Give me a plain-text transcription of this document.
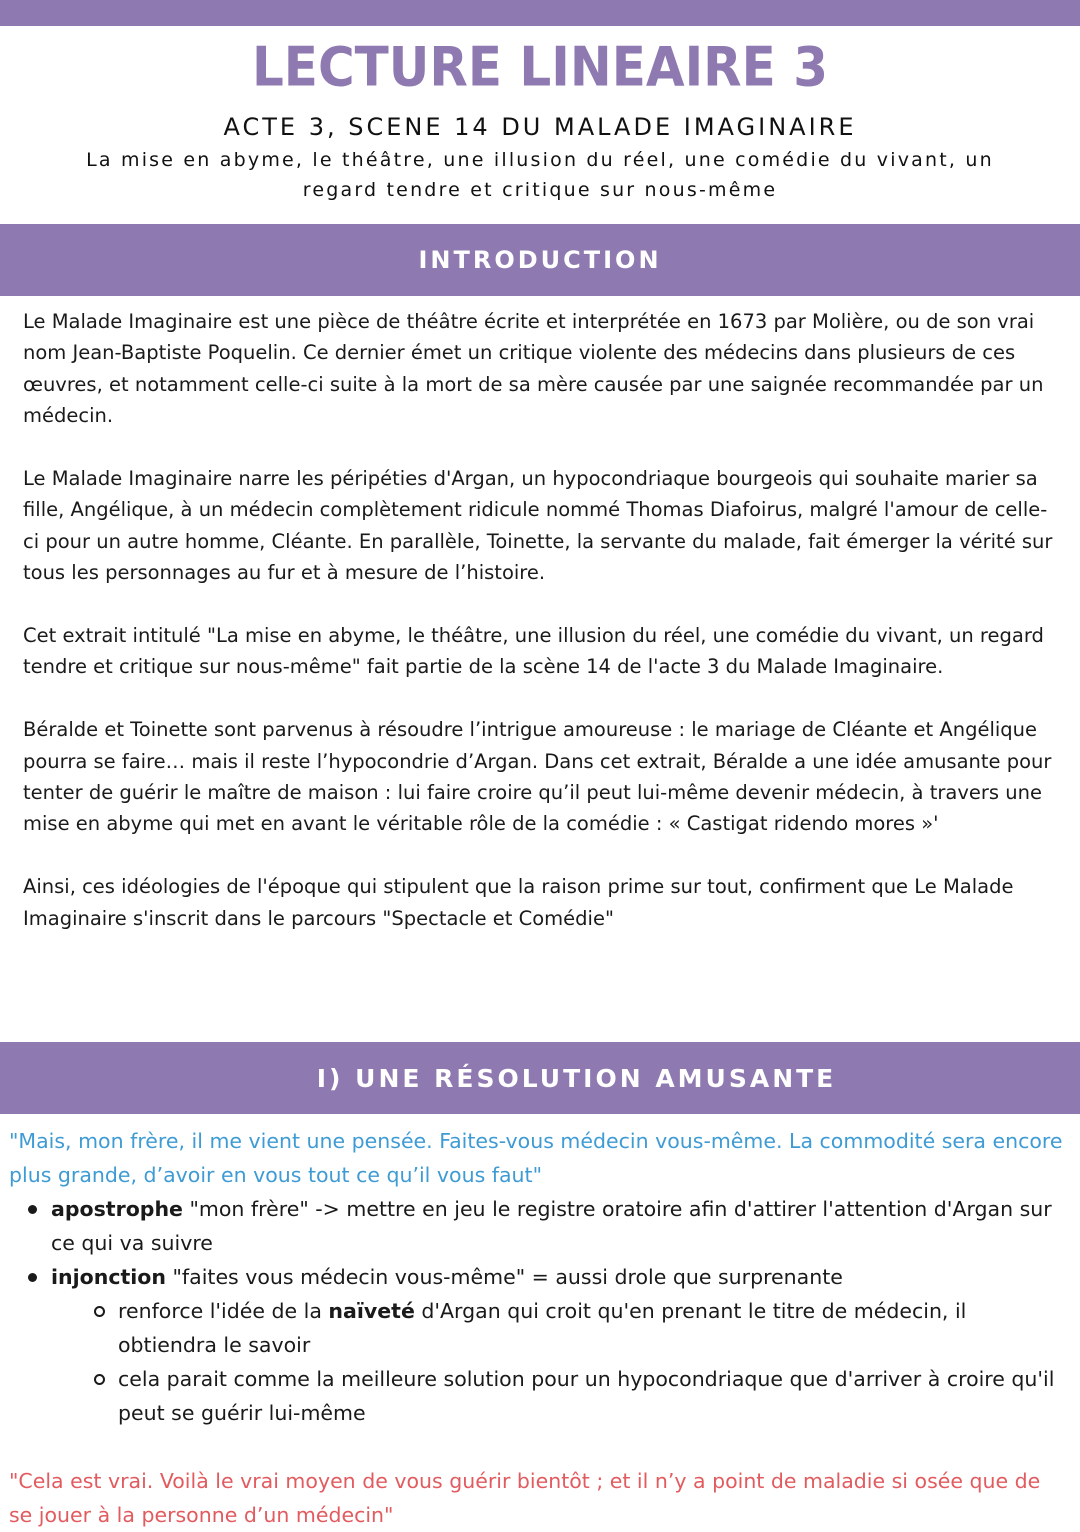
LECTURE LINEAIRE 3
ACTE 3, SCENE 14 DU MALADE IMAGINAIRE
La mise en abyme, le théâtre, une illusion du réel, une comédie du vivant, un
regard tendre et critique sur nous-même
INTRODUCTION

Le Malade Imaginaire est une pièce de théâtre écrite et interprétée en 1673 par Molière, ou de son vrai nom Jean-Baptiste Poquelin. Ce dernier émet un critique violente des médecins dans plusieurs de ces œuvres, et notamment celle-ci suite à la mort de sa mère causée par une saignée recommandée par un médecin.

Le Malade Imaginaire narre les péripéties d'Argan, un hypocondriaque bourgeois qui souhaite marier sa fille, Angélique, à un médecin complètement ridicule nommé Thomas Diafoirus, malgré l'amour de celle-ci pour un autre homme, Cléante. En parallèle, Toinette, la servante du malade, fait émerger la vérité sur tous les personnages au fur et à mesure de l’histoire.

Cet extrait intitulé "La mise en abyme, le théâtre, une illusion du réel, une comédie du vivant, un regard tendre et critique sur nous-même" fait partie de la scène 14 de l'acte 3 du Malade Imaginaire.

Béralde et Toinette sont parvenus à résoudre l’intrigue amoureuse : le mariage de Cléante et Angélique pourra se faire… mais il reste l’hypocondrie d’Argan. Dans cet extrait, Béralde a une idée amusante pour tenter de guérir le maître de maison : lui faire croire qu’il peut lui-même devenir médecin, à travers une mise en abyme qui met en avant le véritable rôle de la comédie : « Castigat ridendo mores »'

Ainsi, ces idéologies de l'époque qui stipulent que la raison prime sur tout, confirment que Le Malade Imaginaire s'inscrit dans le parcours "Spectacle et Comédie"

I) UNE RÉSOLUTION AMUSANTE
"Mais, mon frère, il me vient une pensée. Faites-vous médecin vous-même. La commodité sera encore plus grande, d’avoir en vous tout ce qu’il vous faut"
apostrophe "mon frère" -> mettre en jeu le registre oratoire afin d'attirer l'attention d'Argan sur ce qui va suivre
injonction "faites vous médecin vous-même" = aussi drole que surprenante
renforce l'idée de la naïveté d'Argan qui croit qu'en prenant le titre de médecin, il obtiendra le savoir
cela parait comme la meilleure solution pour un hypocondriaque que d'arriver à croire qu'il peut se guérir lui-même
"Cela est vrai. Voilà le vrai moyen de vous guérir bientôt ; et il n’y a point de maladie si osée que de se jouer à la personne d’un médecin"
